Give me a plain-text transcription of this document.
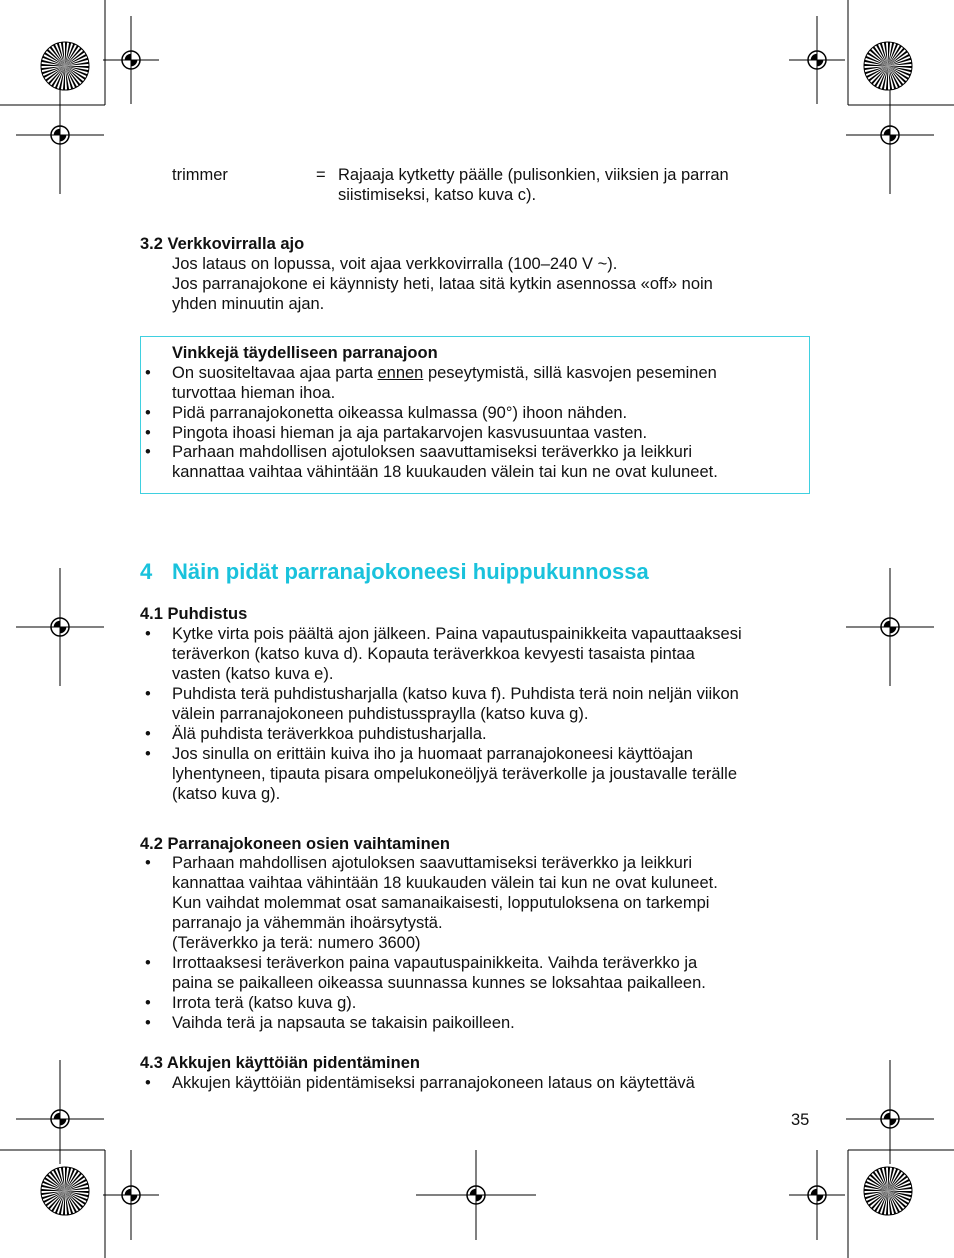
trimmer	= Rajaaja kytketty päälle (pulisonkien, viiksien ja parran
siistimiseksi, katso kuva c).
3.2 Verkkovirralla ajo
Jos lataus on lopussa, voit ajaa verkkovirralla (100–240 V ~).
Jos parranajokone ei käynnisty heti, lataa sitä kytkin asennossa «off» noin
yhden minuutin ajan.
Vinkkejä täydelliseen parranajoon
•	On suositeltavaa ajaa parta ennen peseytymistä, sillä kasvojen peseminen
turvottaa hieman ihoa.
•	Pidä parranajokonetta oikeassa kulmassa (90°) ihoon nähden.
•	Pingota ihoasi hieman ja aja partakarvojen kasvusuuntaa vasten.
•	Parhaan mahdollisen ajotuloksen saavuttamiseksi teräverkko ja leikkuri
kannattaa vaihtaa vähintään 18 kuukauden välein tai kun ne ovat kuluneet.
4 Näin pidät parranajokoneesi huippukunnossa
4.1 Puhdistus
•	Kytke virta pois päältä ajon jälkeen. Paina vapautuspainikkeita vapauttaaksesi
teräverkon (katso kuva d). Kopauta teräverkkoa kevyesti tasaista pintaa
vasten (katso kuva e).
•	Puhdista terä puhdistusharjalla (katso kuva f). Puhdista terä noin neljän viikon
välein parranajokoneen puhdistusspraylla (katso kuva g).
•	Älä puhdista teräverkkoa puhdistusharjalla.
•	Jos sinulla on erittäin kuiva iho ja huomaat parranajokoneesi käyttöajan
lyhentyneen, tipauta pisara ompelukoneöljyä teräverkolle ja joustavalle terälle
(katso kuva g).
4.2 Parranajokoneen osien vaihtaminen
•	Parhaan mahdollisen ajotuloksen saavuttamiseksi teräverkko ja leikkuri
kannattaa vaihtaa vähintään 18 kuukauden välein tai kun ne ovat kuluneet.
Kun vaihdat molemmat osat samanaikaisesti, lopputuloksena on tarkempi
parranajo ja vähemmän ihoärsytystä.
(Teräverkko ja terä: numero 3600)
•	Irrottaaksesi teräverkon paina vapautuspainikkeita. Vaihda teräverkko ja
paina se paikalleen oikeassa suunnassa kunnes se loksahtaa paikalleen.
•	Irrota terä (katso kuva g).
•	Vaihda terä ja napsauta se takaisin paikoilleen.
4.3 Akkujen käyttöiän pidentäminen
•	Akkujen käyttöiän pidentämiseksi parranajokoneen lataus on käytettävä
35
